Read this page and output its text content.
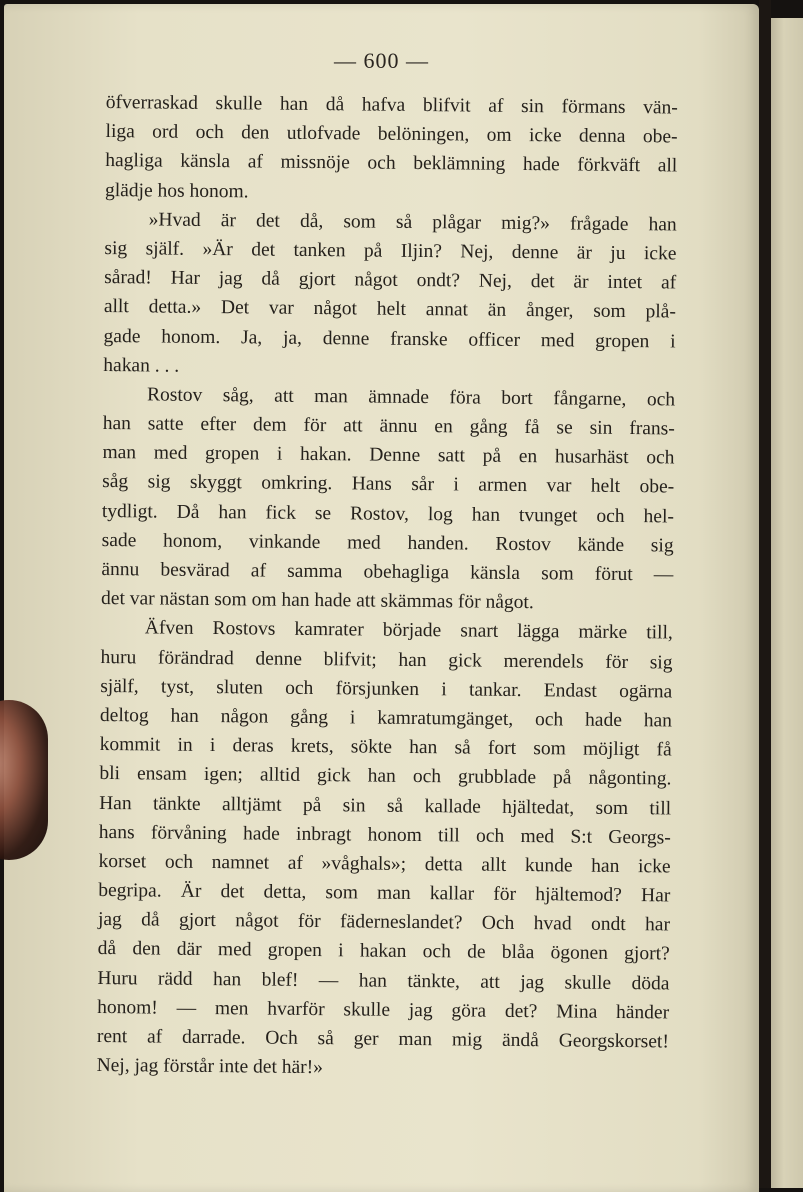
— 600 —
öfverraskad skulle han då hafva blifvit af sin förmans vän-
liga ord och den utlofvade belöningen, om icke denna obe-
hagliga känsla af missnöje och beklämning hade förkväft all
glädje hos honom.
»Hvad är det då, som så plågar mig?» frågade han
sig själf. »Är det tanken på Iljin? Nej, denne är ju icke
sårad! Har jag då gjort något ondt? Nej, det är intet af
allt detta.» Det var något helt annat än ånger, som plå-
gade honom. Ja, ja, denne franske officer med gropen i
hakan . . .
Rostov såg, att man ämnade föra bort fångarne, och
han satte efter dem för att ännu en gång få se sin frans-
man med gropen i hakan. Denne satt på en husarhäst och
såg sig skyggt omkring. Hans sår i armen var helt obe-
tydligt. Då han fick se Rostov, log han tvunget och hel-
sade honom, vinkande med handen. Rostov kände sig
ännu besvärad af samma obehagliga känsla som förut —
det var nästan som om han hade att skämmas för något.
Äfven Rostovs kamrater började snart lägga märke till,
huru förändrad denne blifvit; han gick merendels för sig
själf, tyst, sluten och försjunken i tankar. Endast ogärna
deltog han någon gång i kamratumgänget, och hade han
kommit in i deras krets, sökte han så fort som möjligt få
bli ensam igen; alltid gick han och grubblade på någonting.
Han tänkte alltjämt på sin så kallade hjältedat, som till
hans förvåning hade inbragt honom till och med S:t Georgs-
korset och namnet af »våghals»; detta allt kunde han icke
begripa. Är det detta, som man kallar för hjältemod? Har
jag då gjort något för fäderneslandet? Och hvad ondt har
då den där med gropen i hakan och de blåa ögonen gjort?
Huru rädd han blef! — han tänkte, att jag skulle döda
honom! — men hvarför skulle jag göra det? Mina händer
rent af darrade. Och så ger man mig ändå Georgskorset!
Nej, jag förstår inte det här!»
